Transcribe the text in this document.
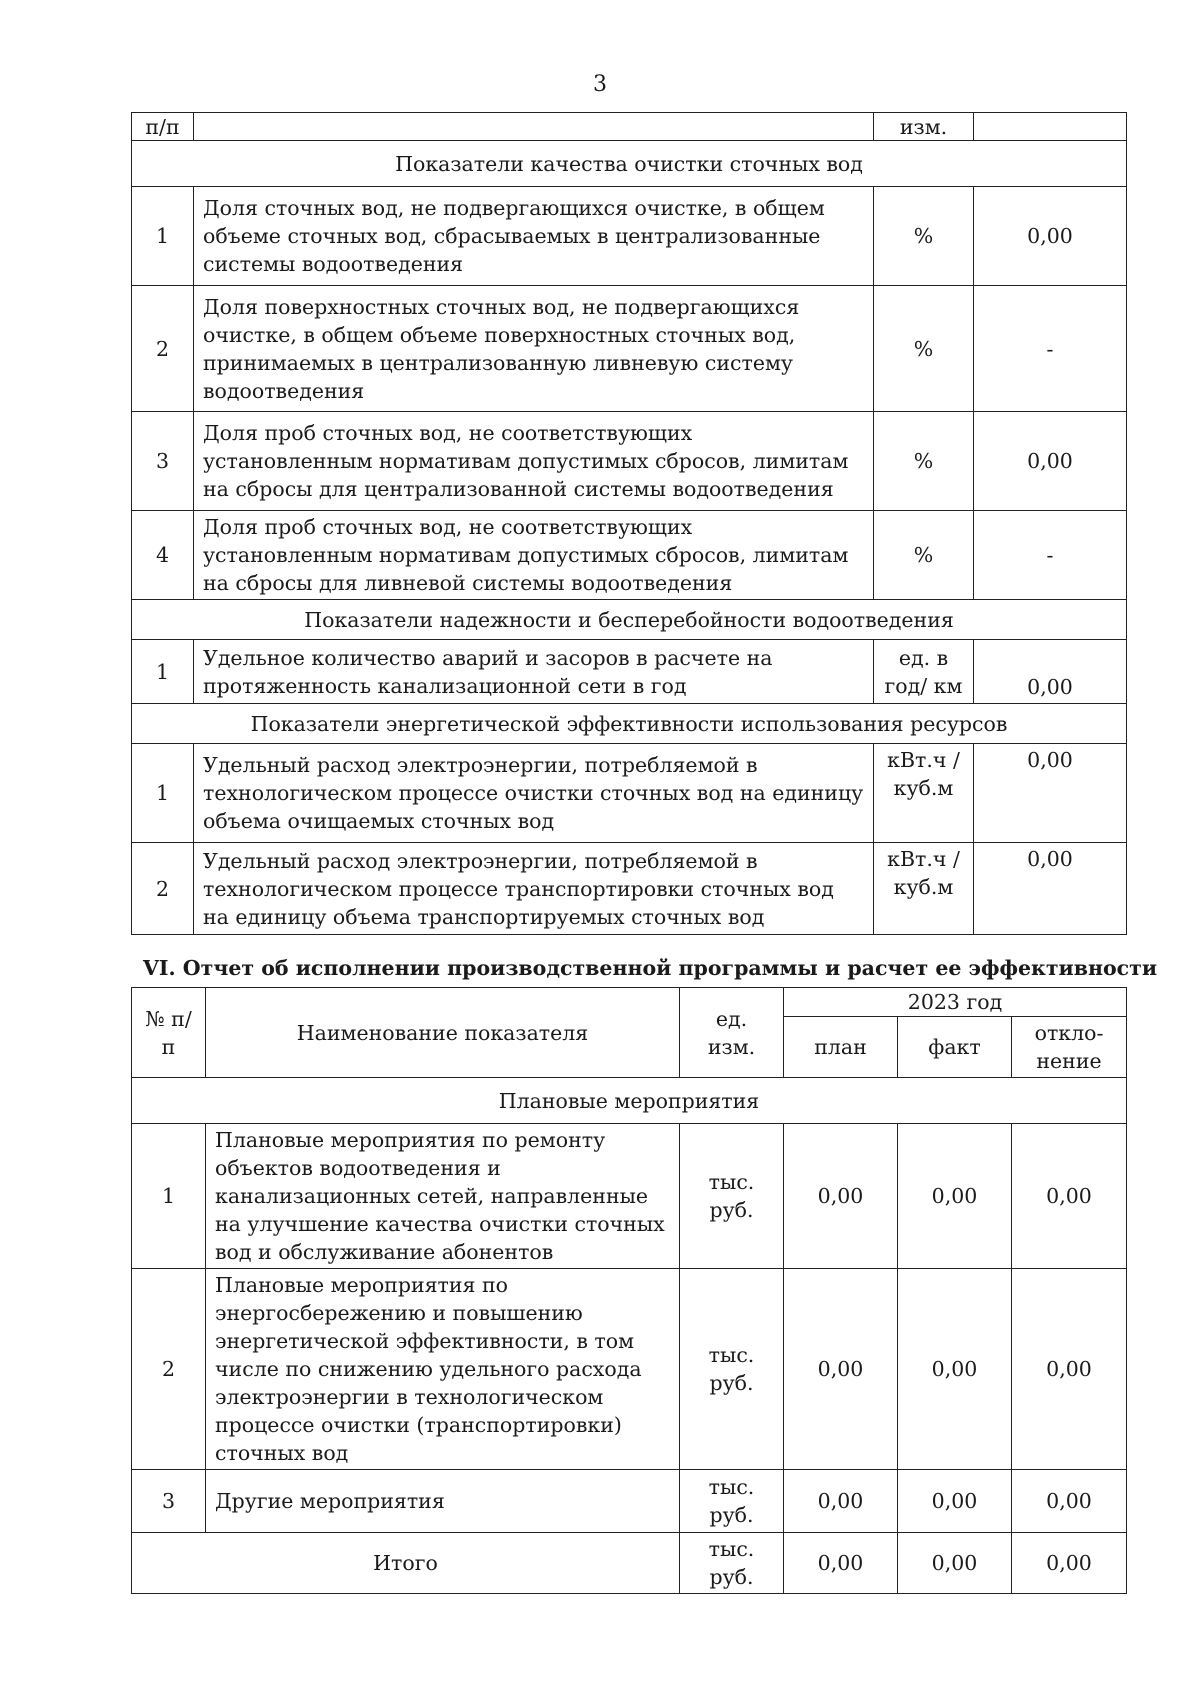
3
п/п		изм.	
Показатели качества очистки сточных вод			
1	Доля сточных вод, не подвергающихся очистке, в общем объеме сточных вод, сбрасываемых в централизованные системы водоотведения	%	0,00
2	Доля поверхностных сточных вод, не подвергающихся очистке, в общем объеме поверхностных сточных вод, принимаемых в централизованную ливневую систему водоотведения	%	-
3	Доля проб сточных вод, не соответствующих установленным нормативам допустимых сбросов, лимитам на сбросы для централизованной системы водоотведения	%	0,00
4	Доля проб сточных вод, не соответствующих установленным нормативам допустимых сбросов, лимитам на сбросы для ливневой системы водоотведения	%	-
Показатели надежности и бесперебойности водоотведения			
1	Удельное количество аварий и засоров в расчете на протяженность канализационной сети в год	ед. в год/ км	0,00
Показатели энергетической эффективности использования ресурсов			
1	Удельный расход электроэнергии, потребляемой в технологическом процессе очистки сточных вод на единицу объема очищаемых сточных вод	кВт.ч / куб.м	0,00
2	Удельный расход электроэнергии, потребляемой в технологическом процессе транспортировки сточных вод на единицу объема транспортируемых сточных вод	кВт.ч / куб.м	0,00
VI. Отчет об исполнении производственной программы и расчет ее эффективности
№ п/п	Наименование показателя	ед. изм.	2023 год		
			план	факт	откло-нение
Плановые мероприятия					
1	Плановые мероприятия по ремонту объектов водоотведения и канализационных сетей, направленные на улучшение качества очистки сточных вод и обслуживание абонентов	тыс. руб.	0,00	0,00	0,00
2	Плановые мероприятия по энергосбережению и повышению энергетической эффективности, в том числе по снижению удельного расхода электроэнергии в технологическом процессе очистки (транспортировки) сточных вод	тыс. руб.	0,00	0,00	0,00
3	Другие мероприятия	тыс. руб.	0,00	0,00	0,00
Итого		тыс. руб.	0,00	0,00	0,00
